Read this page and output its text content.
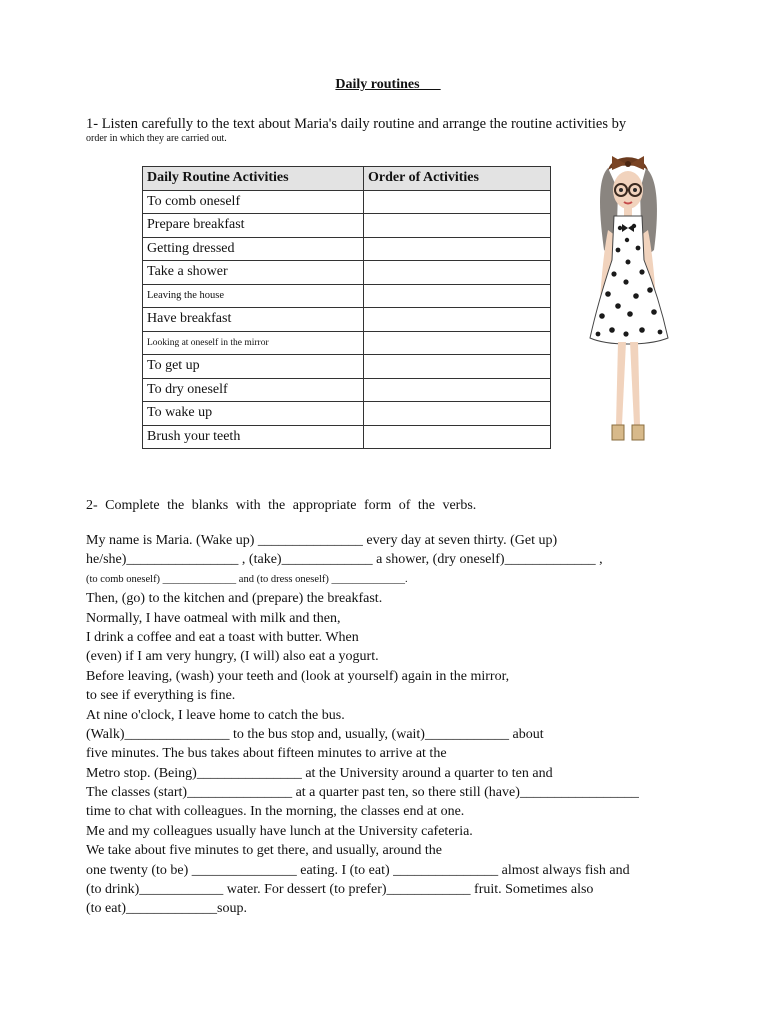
Daily routines___
1- Listen carefully to the text about Maria's daily routine and arrange the routine activities by
order in which they are carried out.
Daily Routine Activities	Order of Activities
To comb oneself	
Prepare breakfast	
Getting dressed	
Take a shower	
Leaving the house	
Have breakfast	
Looking at oneself in the mirror	
To get up	
To dry oneself	
To wake up	
Brush your teeth	
2- Complete the blanks with the appropriate form of the verbs.
My name is Maria. (Wake up) _______________ every day at seven thirty. (Get up)
he/she)________________ , (take)_____________ a shower, (dry oneself)_____________ ,
(to comb oneself) ______________ and (to dress oneself) ______________.
Then, (go) to the kitchen and (prepare) the breakfast.
Normally, I have oatmeal with milk and then,
I drink a coffee and eat a toast with butter. When
(even) if I am very hungry, (I will) also eat a yogurt.
Before leaving, (wash) your teeth and (look at yourself) again in the mirror,
to see if everything is fine.
At nine o'clock, I leave home to catch the bus.
(Walk)_______________ to the bus stop and, usually, (wait)____________ about
five minutes. The bus takes about fifteen minutes to arrive at the
Metro stop. (Being)_______________ at the University around a quarter to ten and
The classes (start)_______________ at a quarter past ten, so there still (have)_________________
time to chat with colleagues. In the morning, the classes end at one.
Me and my colleagues usually have lunch at the University cafeteria.
We take about five minutes to get there, and usually, around the
one twenty (to be) _______________ eating. I (to eat) _______________ almost always fish and
(to drink)____________ water. For dessert (to prefer)____________ fruit. Sometimes also
(to eat)_____________soup.
